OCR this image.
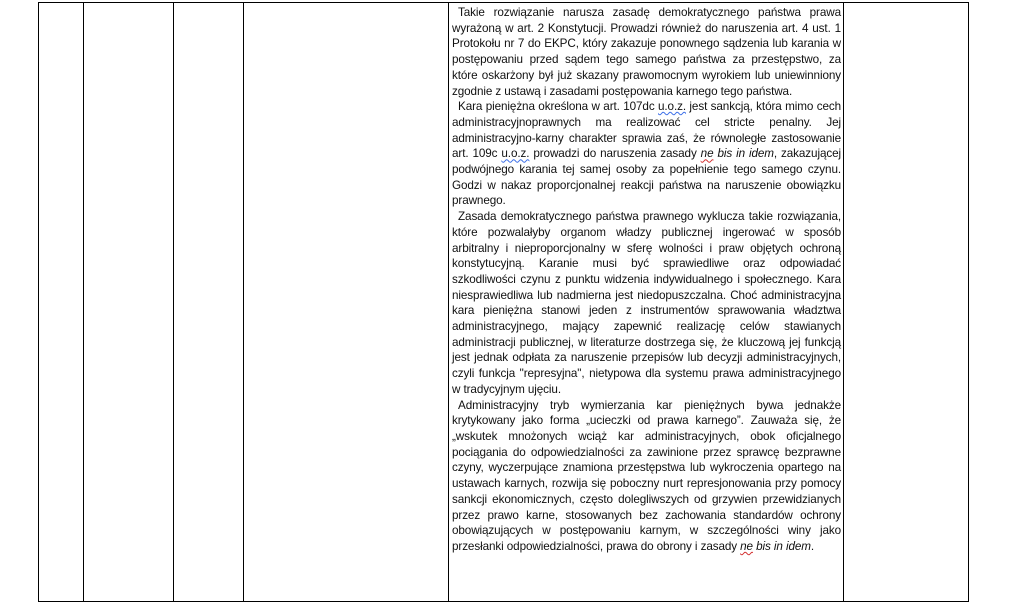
Takie rozwiązanie narusza zasadę demokratycznego państwa prawa wyrażoną w art. 2 Konstytucji. Prowadzi również do naruszenia art. 4 ust. 1 Protokołu nr 7 do EKPC, który zakazuje ponownego sądzenia lub karania w postępowaniu przed sądem tego samego państwa za przestępstwo, za które oskarżony był już skazany prawomocnym wyrokiem lub uniewinniony zgodnie z ustawą i zasadami postępowania karnego tego państwa.

Kara pieniężna określona w art. 107dc u.o.z. jest sankcją, która mimo cech administracyjnoprawnych ma realizować cel stricte penalny. Jej administracyjno-karny charakter sprawia zaś, że równoległe zastosowanie art. 109c u.o.z. prowadzi do naruszenia zasady ne bis in idem, zakazującej podwójnego karania tej samej osoby za popełnienie tego samego czynu. Godzi w nakaz proporcjonalnej reakcji państwa na naruszenie obowiązku prawnego.

Zasada demokratycznego państwa prawnego wyklucza takie rozwiązania, które pozwalałyby organom władzy publicznej ingerować w sposób arbitralny i nieproporcjonalny w sferę wolności i praw objętych ochroną konstytucyjną. Karanie musi być sprawiedliwe oraz odpowiadać szkodliwości czynu z punktu widzenia indywidualnego i społecznego. Kara niesprawiedliwa lub nadmierna jest niedopuszczalna. Choć administracyjna kara pieniężna stanowi jeden z instrumentów sprawowania władztwa administracyjnego, mający zapewnić realizację celów stawianych administracji publicznej, w literaturze dostrzega się, że kluczową jej funkcją jest jednak odpłata za naruszenie przepisów lub decyzji administracyjnych, czyli funkcja "represyjna", nietypowa dla systemu prawa administracyjnego w tradycyjnym ujęciu.

Administracyjny tryb wymierzania kar pieniężnych bywa jednakże krytykowany jako forma „ucieczki od prawa karnego”. Zauważa się, że „wskutek mnożonych wciąż kar administracyjnych, obok oficjalnego pociągania do odpowiedzialności za zawinione przez sprawcę bezprawne czyny, wyczerpujące znamiona przestępstwa lub wykroczenia opartego na ustawach karnych, rozwija się poboczny nurt represjonowania przy pomocy sankcji ekonomicznych, często dolegliwszych od grzywien przewidzianych przez prawo karne, stosowanych bez zachowania standardów ochrony obowiązujących w postępowaniu karnym, w szczególności winy jako przesłanki odpowiedzialności, prawa do obrony i zasady ne bis in idem.
